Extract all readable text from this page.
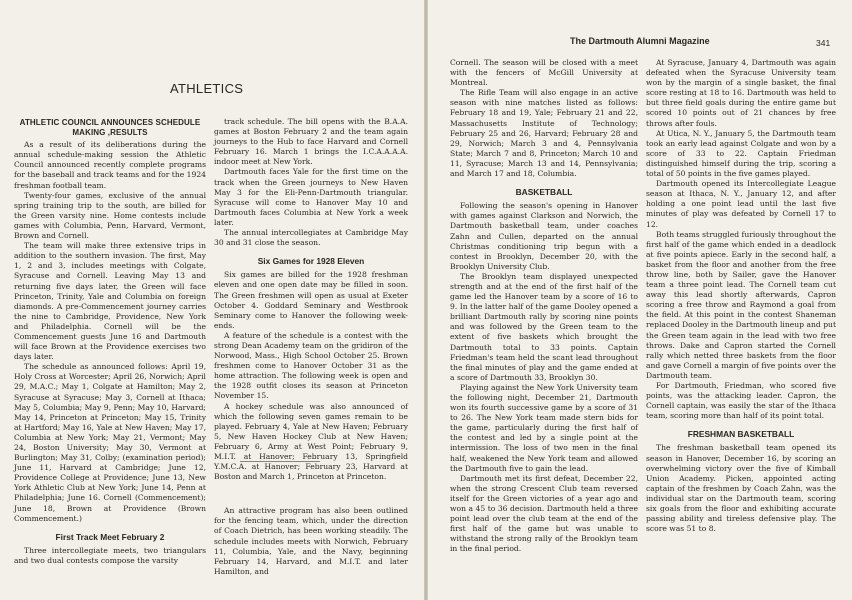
ATHLETICS
ATHLETIC COUNCIL ANNOUNCES SCHEDULE MAKING ,RESULTS

As a result of its deliberations during the annual schedule-making session the Athletic Council announced recently complete programs for the baseball and track teams and for the 1924 freshman football team.

Twenty-four games, exclusive of the annual spring training trip to the south, are billed for the Green varsity nine. Home contests include games with Columbia, Penn, Harvard, Vermont, Brown and Cornell.

The team will make three extensive trips in addition to the southern invasion. The first, May 1, 2 and 3, includes meetings with Colgate, Syracuse and Cornell. Leaving May 13 and returning five days later, the Green will face Princeton, Trinity, Yale and Columbia on foreign diamonds. A pre-Commencement journey carries the nine to Cambridge, Providence, New York and Philadelphia. Cornell will be the Commencement guests June 16 and Dartmouth will face Brown at the Providence exercises two days later.

The schedule as announced follows: April 19, Holy Cross at Worcester; April 26, Norwich; April 29, M.A.C.; May 1, Colgate at Hamilton; May 2, Syracuse at Syracuse; May 3, Cornell at Ithaca; May 5, Columbia; May 9, Penn; May 10, Harvard; May 14, Princeton at Princeton; May 15, Trinity at Hartford; May 16, Yale at New Haven; May 17, Columbia at New York; May 21, Vermont; May 24, Boston University; May 30, Vermont at Burlington; May 31, Colby; (examination period); June 11, Harvard at Cambridge; June 12, Providence College at Providence; June 13, New York Athletic Club at New York; June 14, Penn at Philadelphia; June 16. Cornell (Commencement); June 18, Brown at Providence (Brown Commencement.)

First Track Meet February 2

Three intercollegiate meets, two triangulars and two dual contests compose the varsity

track schedule. The bill opens with the B.A.A. games at Boston February 2 and the team again journeys to the Hub to face Harvard and Cornell February 16. March 1 brings the I.C.A.A.A.A. indoor meet at New York.

Dartmouth faces Yale for the first time on the track when the Green journeys to New Haven May 3 for the Eli-Penn-Dartmouth triangular. Syracuse will come to Hanover May 10 and Dartmouth faces Columbia at New York a week later.

The annual intercollegiates at Cambridge May 30 and 31 close the season.

Six Games for 1928 Eleven

Six games are billed for the 1928 freshman eleven and one open date may be filled in soon. The Green freshmen will open as usual at Exeter October 4. Goddard Seminary and Westbrook Seminary come to Hanover the following week-ends.

A feature of the schedule is a contest with the strong Dean Academy team on the gridiron of the Norwood, Mass., High School October 25. Brown freshmen come to Hanover October 31 as the home attraction. The following week is open and the 1928 outfit closes its season at Princeton November 15.

A hockey schedule was also announced of which the following seven games remain to be played. February 4, Yale at New Haven; February 5, New Haven Hockey Club at New Haven; February 6, Army at West Point; February 9, M.I.T. at Hanover; February 13, Springfield Y.M.C.A. at Hanover; February 23, Harvard at Boston and March 1, Princeton at Princeton.

An attractive program has also been outlined for the fencing team, which, under the direction of Coach Dietrich, has been working steadily. The schedule includes meets with Norwich, February 11, Columbia, Yale, and the Navy, beginning February 14, Harvard, and M.I.T. and later Hamilton, and

The Dartmouth Alumni Magazine	341

Cornell. The season will be closed with a meet with the fencers of McGill University at Montreal.

The Rifle Team will also engage in an active season with nine matches listed as follows: February 18 and 19, Yale; February 21 and 22, Massachusetts Institute of Technology; February 25 and 26, Harvard; February 28 and 29, Norwich; March 3 and 4, Pennsylvania State; March 7 and 8, Princeton; March 10 and 11, Syracuse; March 13 and 14, Pennsylvania; and March 17 and 18, Columbia.

BASKETBALL

Following the season's opening in Hanover with games against Clarkson and Norwich, the Dartmouth basketball team, under coaches Zahn and Cullen, departed on the annual Christmas conditioning trip begun with a contest in Brooklyn, December 20, with the Brooklyn University Club.

The Brooklyn team displayed unexpected strength and at the end of the first half of the game led the Hanover team by a score of 16 to 9. In the latter half of the game Dooley opened a brilliant Dartmouth rally by scoring nine points and was followed by the Green team to the extent of five baskets which brought the Dartmouth total to 33 points. Captain Friedman's team held the scant lead throughout the final minutes of play and the game ended at a score of Dartmouth 33, Brooklyn 30.

Playing against the New York University team the following night, December 21, Dartmouth won its fourth successive game by a score of 31 to 26. The New York team made stern bids for the game, particularly during the first half of the contest and led by a single point at the intermission. The loss of two men in the final half, weakened the New York team and allowed the Dartmouth five to gain the lead.

Dartmouth met its first defeat, December 22, when the strong Crescent Club team reversed itself for the Green victories of a year ago and won a 45 to 36 decision. Dartmouth held a three point lead over the club team at the end of the first half of the game but was unable to withstand the strong rally of the Brooklyn team in the final period.

At Syracuse, January 4, Dartmouth was again defeated when the Syracuse University team won by the margin of a single basket, the final score resting at 18 to 16. Dartmouth was held to but three field goals during the entire game but scored 10 points out of 21 chances by free throws after fouls.

At Utica, N. Y., January 5, the Dartmouth team took an early lead against Colgate and won by a score of 33 to 22. Captain Friedman distinguished himself during the trip, scoring a total of 50 points in the five games played.

Dartmouth opened its Intercollegiate League season at Ithaca, N. Y., January 12, and after holding a one point lead until the last five minutes of play was defeated by Cornell 17 to 12.

Both teams struggled furiously throughout the first half of the game which ended in a deadlock at five points apiece. Early in the second half, a basket from the floor and another from the free throw line, both by Sailer, gave the Hanover team a three point lead. The Cornell team cut away this lead shortly afterwards, Capron scoring a free throw and Raymond a goal from the field. At this point in the contest Shaneman replaced Dooley in the Dartmouth lineup and put the Green team again in the lead with two free throws. Dake and Capron started the Cornell rally which netted three baskets from the floor and gave Cornell a margin of five points over the Dartmouth team.

For Dartmouth, Friedman, who scored five points, was the attacking leader. Capron, the Cornell captain, was easily the star of the Ithaca team, scoring more than half of its point total.

FRESHMAN BASKETBALL

The freshman basketball team opened its season in Hanover, December 16, by scoring an overwhelming victory over the five of Kimball Union Academy. Picken, appointed acting captain of the freshmen by Coach Zahn, was the individual star on the Dartmouth team, scoring six goals from the floor and exhibiting accurate passing ability and tireless defensive play. The score was 51 to 8.
